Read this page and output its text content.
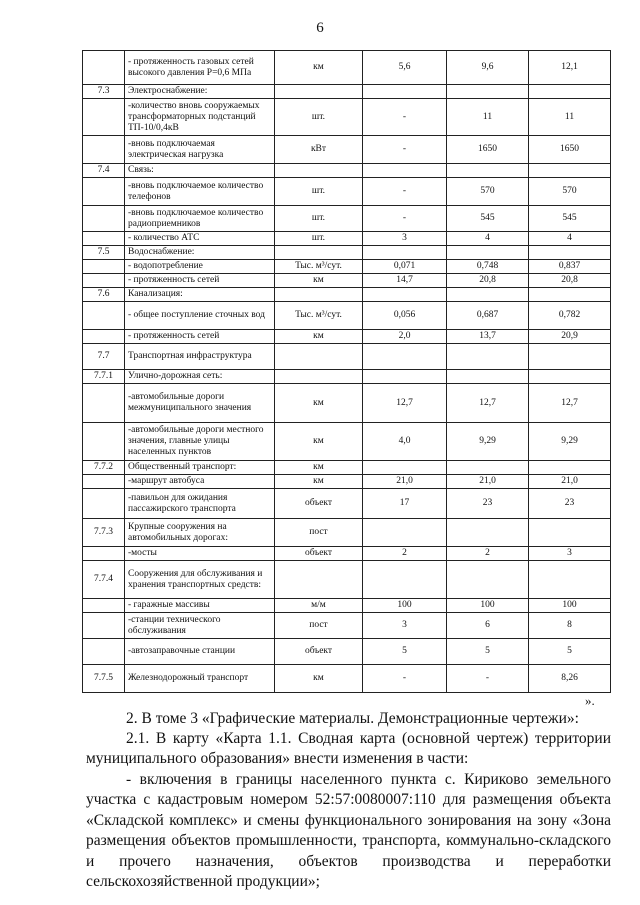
6
	- протяженность газовых сетей высокого давления P=0,6 МПа	км	5,6	9,6	12,1
7.3	Электроснабжение:				
	-количество вновь сооружаемых трансформаторных подстанций ТП-10/0,4кВ	шт.	-	11	11
	-вновь подключаемая электрическая нагрузка	кВт	-	1650	1650
7.4	Связь:				
	-вновь подключаемое количество телефонов	шт.	-	570	570
	-вновь подключаемое количество радиоприемников	шт.	-	545	545
	- количество АТС	шт.	3	4	4
7.5	Водоснабжение:				
	- водопотребление	Тыс. м³/сут.	0,071	0,748	0,837
	- протяженность сетей	км	14,7	20,8	20,8
7.6	Канализация:				
	- общее поступление сточных вод	Тыс. м³/сут.	0,056	0,687	0,782
	- протяженность сетей	км	2,0	13,7	20,9
7.7	Транспортная инфраструктура				
7.7.1	Улично-дорожная сеть:				
	-автомобильные дороги межмуниципального значения	км	12,7	12,7	12,7
	-автомобильные дороги местного значения, главные улицы населенных пунктов	км	4,0	9,29	9,29
7.7.2	Общественный транспорт:	км			
	-маршрут автобуса	км	21,0	21,0	21,0
	-павильон для ожидания пассажирского транспорта	объект	17	23	23
7.7.3	Крупные сооружения на автомобильных дорогах:	пост			
	-мосты	объект	2	2	3
7.7.4	Сооружения для обслуживания и хранения транспортных средств:				
	- гаражные массивы	м/м	100	100	100
	-станции технического обслуживания	пост	3	6	8
	-автозаправочные станции	объект	5	5	5
7.7.5	Железнодорожный транспорт	км	-	-	8,26
».

2. В томе 3 «Графические материалы. Демонстрационные чертежи»:

2.1. В карту «Карта 1.1. Сводная карта (основной чертеж) территории муниципального образования» внести изменения в части:

- включения в границы населенного пункта с. Кириково земельного участка с кадастровым номером 52:57:0080007:110 для размещения объекта «Складской комплекс» и смены функционального зонирования на зону «Зона размещения объектов промышленности, транспорта, коммунально-складского и прочего назначения, объектов производства и переработки сельскохозяйственной продукции»;
